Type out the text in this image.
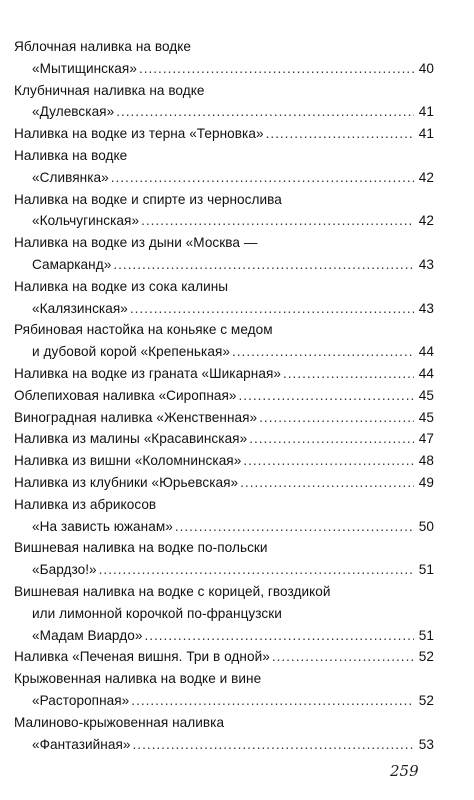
Яблочная наливка на водке
«Мытищинская» .....	40
Клубничная наливка на водке
«Дулевская» .....	41
Наливка на водке из терна «Терновка» .....	41
Наливка на водке
«Сливянка» .....	42
Наливка на водке и спирте из чернослива
«Кольчугинская» .....	42
Наливка на водке из дыни «Москва —
Самарканд» .....	43
Наливка на водке из сока калины
«Калязинская» .....	43
Рябиновая настойка на коньяке с медом
и дубовой корой «Крепенькая» .....	44
Наливка на водке из граната «Шикарная» .....	44
Облепиховая наливка «Сиропная» .....	45
Виноградная наливка «Женственная» .....	45
Наливка из малины «Красавинская» .....	47
Наливка из вишни «Коломнинская» .....	48
Наливка из клубники «Юрьевская» .....	49
Наливка из абрикосов
«На зависть южанам» .....	50
Вишневая наливка на водке по-польски
«Бардзо!» .....	51
Вишневая наливка на водке с корицей, гвоздикой
или лимонной корочкой по-французски
«Мадам Виардо» .....	51
Наливка «Печеная вишня. Три в одной» .....	52
Крыжовенная наливка на водке и вине
«Расторопная» .....	52
Малиново-крыжовенная наливка
«Фантазийная» .....	53
259
